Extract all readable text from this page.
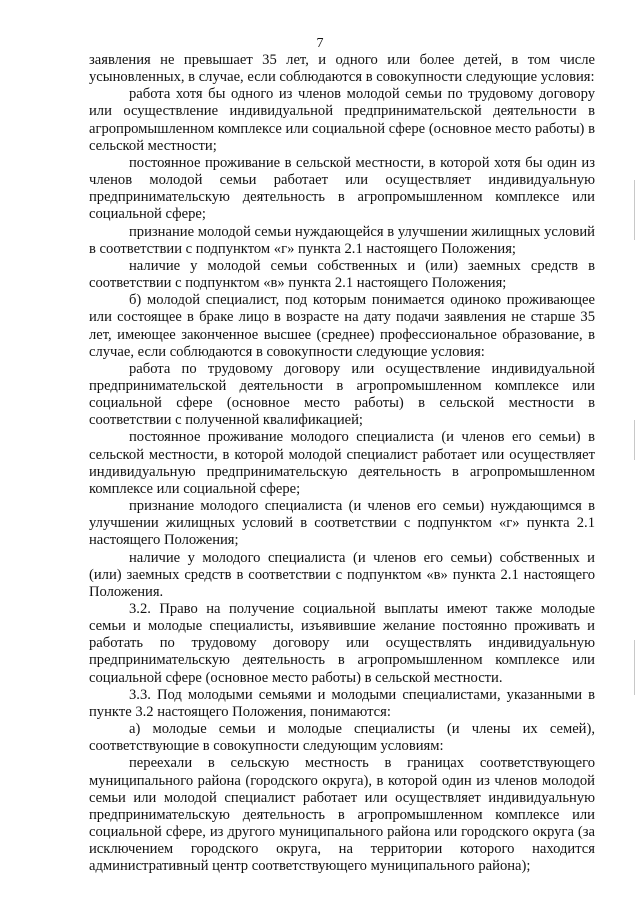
7

заявления не превышает 35 лет, и одного или более детей, в том числе усыновленных, в случае, если соблюдаются в совокупности следующие условия:

работа хотя бы одного из членов молодой семьи по трудовому договору или осуществление индивидуальной предпринимательской деятельности в агропромышленном комплексе или социальной сфере (основное место работы) в сельской местности;

постоянное проживание в сельской местности, в которой хотя бы один из членов молодой семьи работает или осуществляет индивидуальную предпринимательскую деятельность в агропромышленном комплексе или социальной сфере;

признание молодой семьи нуждающейся в улучшении жилищных условий в соответствии с подпунктом «г» пункта 2.1 настоящего Положения;

наличие у молодой семьи собственных и (или) заемных средств в соответствии с подпунктом «в» пункта 2.1 настоящего Положения;

б) молодой специалист, под которым понимается одиноко проживающее или состоящее в браке лицо в возрасте на дату подачи заявления не старше 35 лет, имеющее законченное высшее (среднее) профессиональное образование, в случае, если соблюдаются в совокупности следующие условия:

работа по трудовому договору или осуществление индивидуальной предпринимательской деятельности в агропромышленном комплексе или социальной сфере (основное место работы) в сельской местности в соответствии с полученной квалификацией;

постоянное проживание молодого специалиста (и членов его семьи) в сельской местности, в которой молодой специалист работает или осуществляет индивидуальную предпринимательскую деятельность в агропромышленном комплексе или социальной сфере;

признание молодого специалиста (и членов его семьи) нуждающимся в улучшении жилищных условий в соответствии с подпунктом «г» пункта 2.1 настоящего Положения;

наличие у молодого специалиста (и членов его семьи) собственных и (или) заемных средств в соответствии с подпунктом «в» пункта 2.1 настоящего Положения.

3.2. Право на получение социальной выплаты имеют также молодые семьи и молодые специалисты, изъявившие желание постоянно проживать и работать по трудовому договору или осуществлять индивидуальную предпринимательскую деятельность в агропромышленном комплексе или социальной сфере (основное место работы) в сельской местности.

3.3. Под молодыми семьями и молодыми специалистами, указанными в пункте 3.2 настоящего Положения, понимаются:

а) молодые семьи и молодые специалисты (и члены их семей), соответствующие в совокупности следующим условиям:

переехали в сельскую местность в границах соответствующего муниципального района (городского округа), в которой один из членов молодой семьи или молодой специалист работает или осуществляет индивидуальную предпринимательскую деятельность в агропромышленном комплексе или социальной сфере, из другого муниципального района или городского округа (за исключением городского округа, на территории которого находится административный центр соответствующего муниципального района);
